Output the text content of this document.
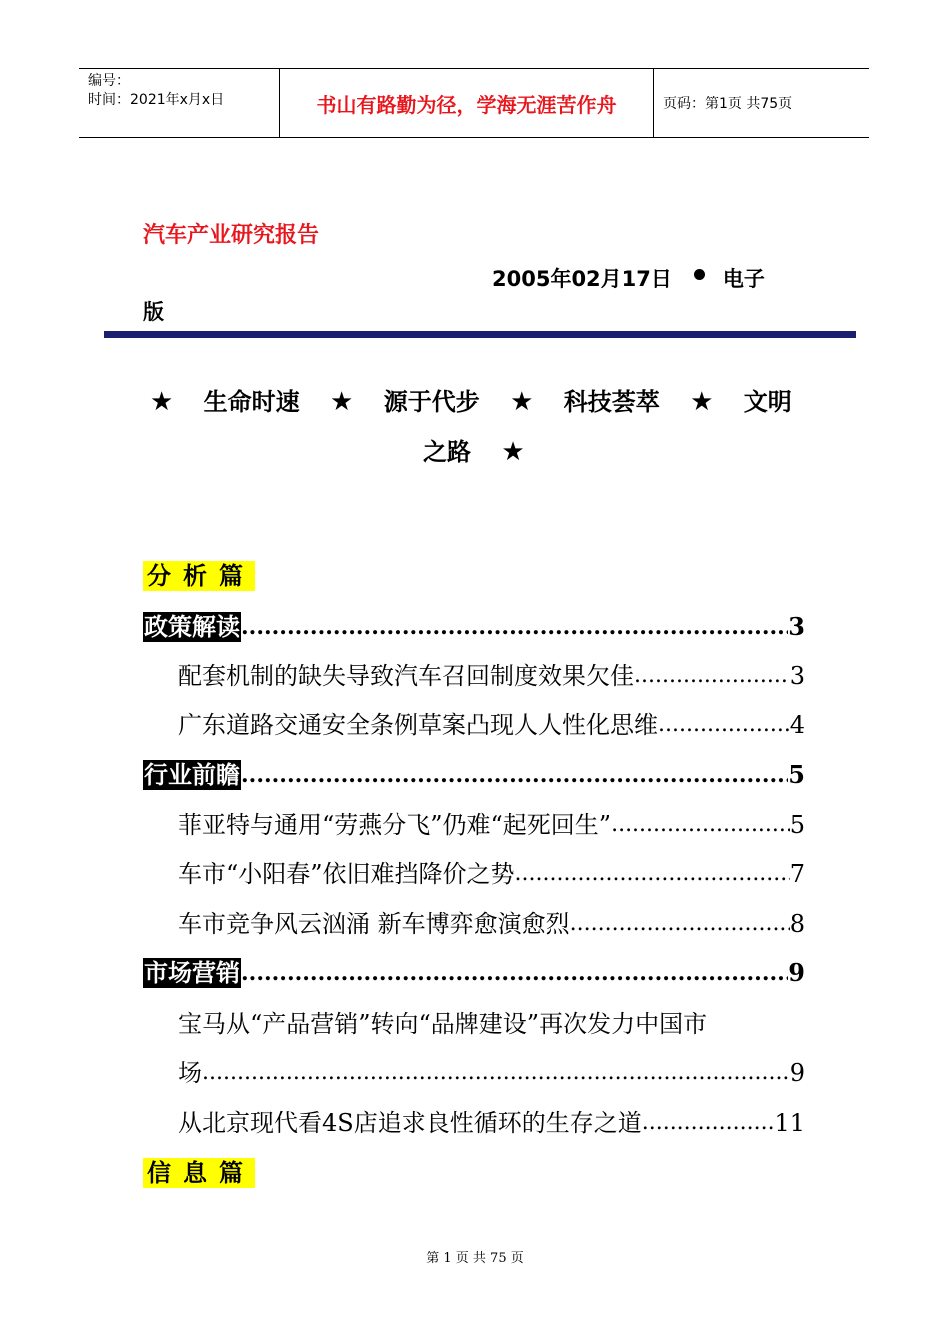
编号：
时间：2021年x月x日	书山有路勤为径，学海无涯苦作舟	页码：第1页 共75页
汽车产业研究报告
2005年02月17日 电子
版
★ 生命时速 ★ 源于代步 ★ 科技荟萃 ★ 文明
之路 ★
分析篇
政策解读 .....	3
配套机制的缺失导致汽车召回制度效果欠佳 .....	3
广东道路交通安全条例草案凸现人人性化思维 .....	4
行业前瞻 .....	5
菲亚特与通用“劳燕分飞”仍难“起死回生” .....	5
车市“小阳春”依旧难挡降价之势 .....	7
车市竞争风云汹涌 新车博弈愈演愈烈 .....	8
市场营销 .....	9
宝马从“产品营销”转向“品牌建设”再次发力中国市
场 .....	9
从北京现代看4S店追求良性循环的生存之道 .....	11
信息篇
第 1 页 共 75 页
